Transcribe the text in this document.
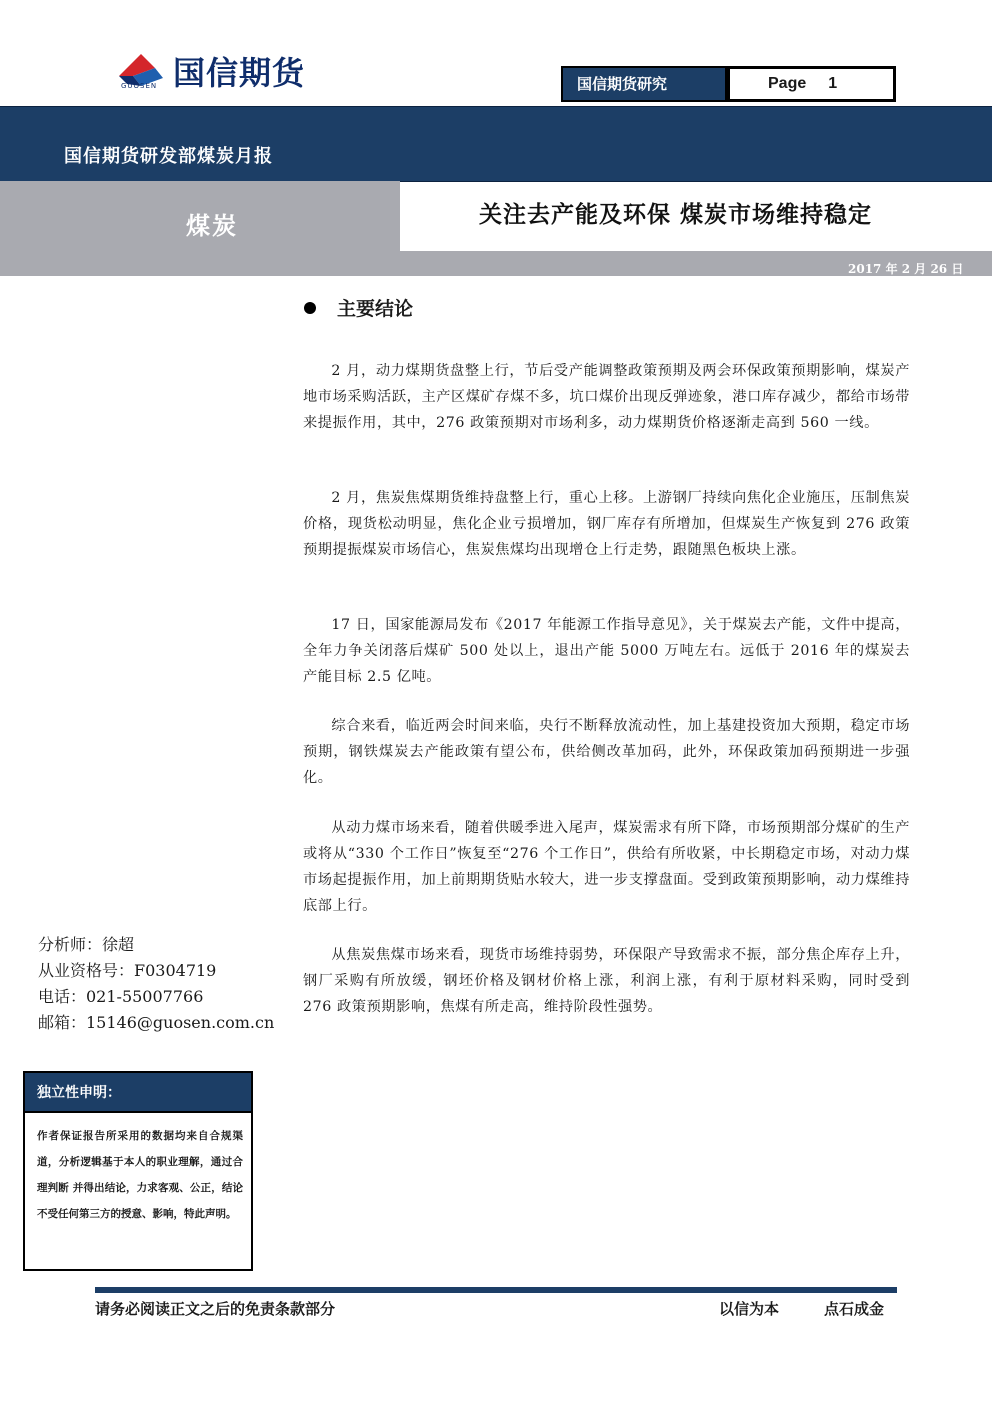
国信期货
GUOSEN	国信期货研究	Page 1
国信期货研发部煤炭月报
煤炭	关注去产能及环保 煤炭市场维持稳定
2017 年 2 月 26 日
主要结论

2 月，动力煤期货盘整上行，节后受产能调整政策预期及两会环保政策预期影响，煤炭产地市场采购活跃，主产区煤矿存煤不多，坑口煤价出现反弹迹象，港口库存减少，都给市场带来提振作用，其中，276 政策预期对市场利多，动力煤期货价格逐渐走高到 560 一线。

2 月，焦炭焦煤期货维持盘整上行，重心上移。上游钢厂持续向焦化企业施压，压制焦炭价格，现货松动明显，焦化企业亏损增加，钢厂库存有所增加，但煤炭生产恢复到 276 政策预期提振煤炭市场信心，焦炭焦煤均出现增仓上行走势，跟随黑色板块上涨。

17 日，国家能源局发布《2017 年能源工作指导意见》，关于煤炭去产能，文件中提高，全年力争关闭落后煤矿 500 处以上，退出产能 5000 万吨左右。远低于 2016 年的煤炭去产能目标 2.5 亿吨。

综合来看，临近两会时间来临，央行不断释放流动性，加上基建投资加大预期，稳定市场预期，钢铁煤炭去产能政策有望公布，供给侧改革加码，此外，环保政策加码预期进一步强化。

从动力煤市场来看，随着供暖季进入尾声，煤炭需求有所下降，市场预期部分煤矿的生产或将从“330 个工作日”恢复至“276 个工作日”，供给有所收紧，中长期稳定市场，对动力煤市场起提振作用，加上前期期货贴水较大，进一步支撑盘面。受到政策预期影响，动力煤维持底部上行。

从焦炭焦煤市场来看，现货市场维持弱势，环保限产导致需求不振，部分焦企库存上升，钢厂采购有所放缓，钢坯价格及钢材价格上涨，利润上涨，有利于原材料采购，同时受到 276 政策预期影响，焦煤有所走高，维持阶段性强势。

分析师：徐超
从业资格号：F0304719
电话：021-55007766
邮箱：15146@guosen.com.cn
独立性申明：
作者保证报告所采用的数据均来自合规渠道，分析逻辑基于本人的职业理解，通过合理判断 并得出结论，力求客观、公正，结论不受任何第三方的授意、影响，特此声明。
请务必阅读正文之后的免责条款部分	以信为本	点石成金
